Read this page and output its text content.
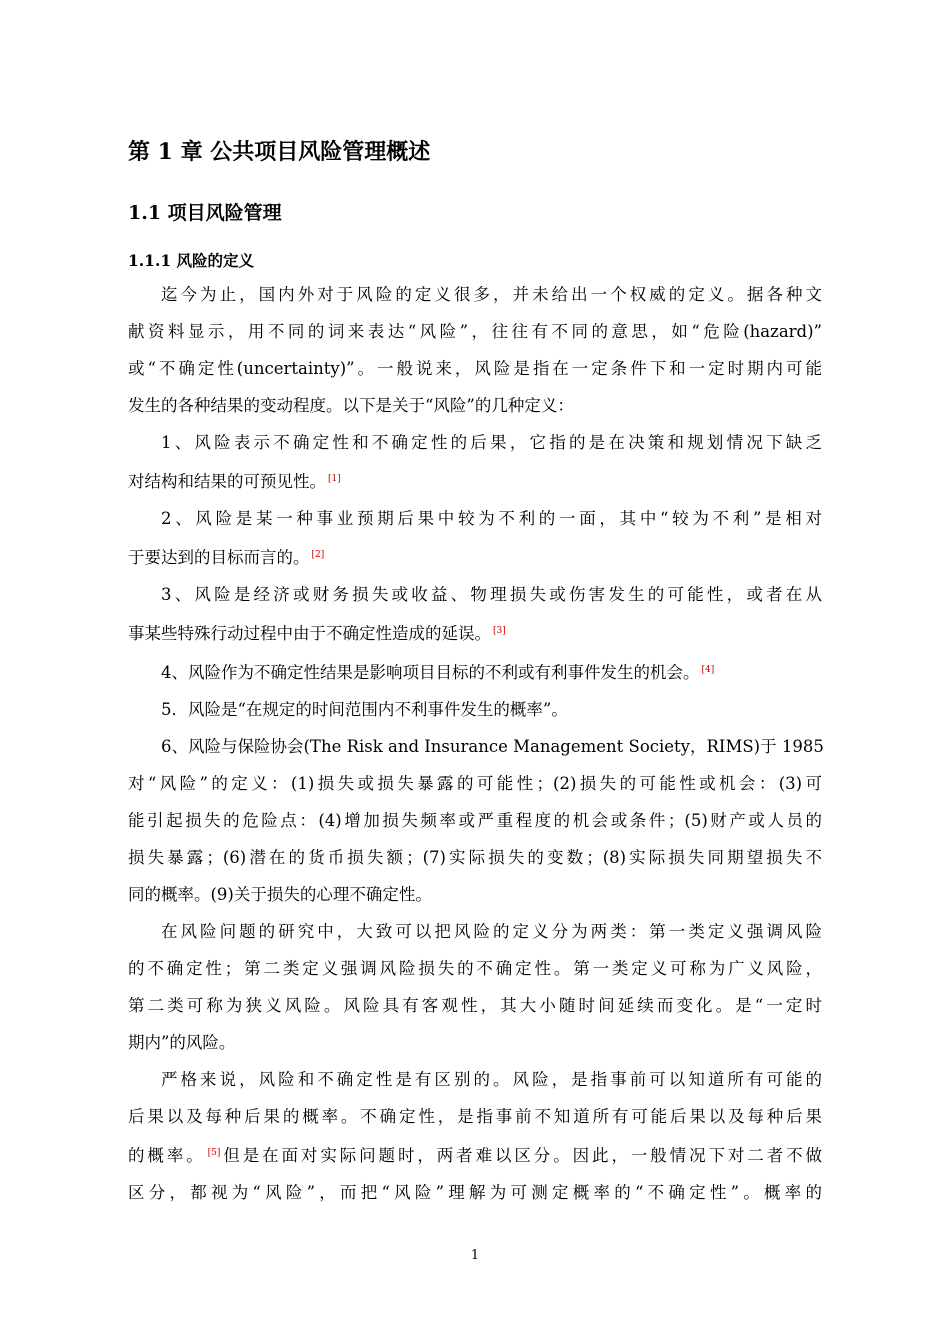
第 1 章 公共项目风险管理概述
1.1 项目风险管理
1.1.1 风险的定义

迄今为止，国内外对于风险的定义很多，并未给出一个权威的定义。据各种文
献资料显示，用不同的词来表达“风险”，往往有不同的意思，如“危险(hazard)”
或“不确定性(uncertainty)”。一般说来，风险是指在一定条件下和一定时期内可能
发生的各种结果的变动程度。以下是关于“风险”的几种定义：

1、风险表示不确定性和不确定性的后果，它指的是在决策和规划情况下缺乏
对结构和结果的可预见性。 [1]

2、风险是某一种事业预期后果中较为不利的一面，其中“较为不利”是相对
于要达到的目标而言的。 [2]

3、风险是经济或财务损失或收益、物理损失或伤害发生的可能性，或者在从
事某些特殊行动过程中由于不确定性造成的延误。 [3]

4、风险作为不确定性结果是影响项目目标的不利或有利事件发生的机会。 [4]

5．风险是“在规定的时间范围内不利事件发生的概率”。

6、风险与保险协会(The Risk and Insurance Management Society，RIMS)于 1985
对“风险”的定义：(1)损失或损失暴露的可能性；(2)损失的可能性或机会：(3)可
能引起损失的危险点：(4)增加损失频率或严重程度的机会或条件；(5)财产或人员的
损失暴露；(6)潜在的货币损失额；(7)实际损失的变数；(8)实际损失同期望损失不
同的概率。(9)关于损失的心理不确定性。

在风险问题的研究中，大致可以把风险的定义分为两类：第一类定义强调风险
的不确定性；第二类定义强调风险损失的不确定性。第一类定义可称为广义风险，
第二类可称为狭义风险。风险具有客观性，其大小随时间延续而变化。是“一定时
期内”的风险。

严格来说，风险和不确定性是有区别的。风险，是指事前可以知道所有可能的
后果以及每种后果的概率。不确定性，是指事前不知道所有可能后果以及每种后果
的概率。 [5]但是在面对实际问题时，两者难以区分。因此，一般情况下对二者不做
区分，都视为“风险”，而把“风险”理解为可测定概率的“不确定性”。概率的

1
